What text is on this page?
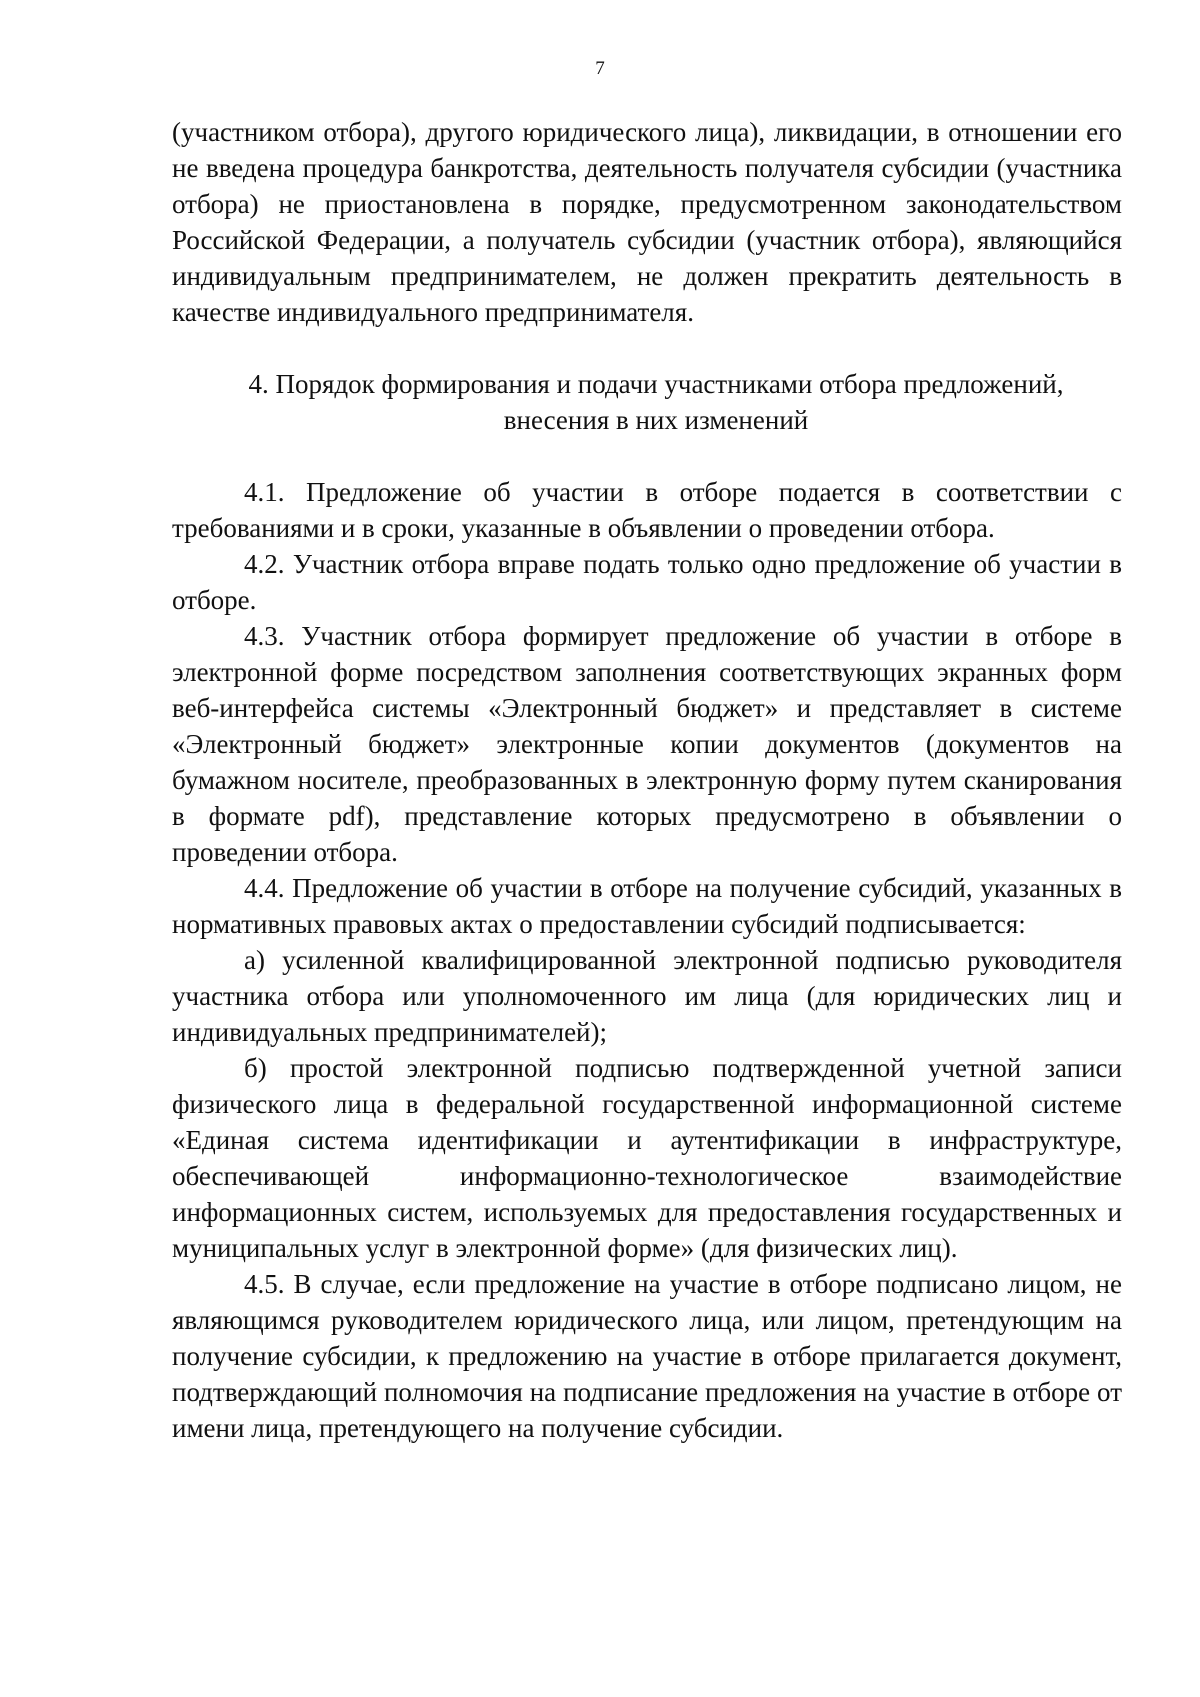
7

(участником отбора), другого юридического лица), ликвидации, в отношении его не введена процедура банкротства, деятельность получателя субсидии (участника отбора) не приостановлена в порядке, предусмотренном законодательством Российской Федерации, а получатель субсидии (участник отбора), являющийся индивидуальным предпринимателем, не должен прекратить деятельность в качестве индивидуального предпринимателя.

4. Порядок формирования и подачи участниками отбора предложений,
внесения в них изменений

4.1. Предложение об участии в отборе подается в соответствии с требованиями и в сроки, указанные в объявлении о проведении отбора.

4.2. Участник отбора вправе подать только одно предложение об участии в отборе.

4.3. Участник отбора формирует предложение об участии в отборе в электронной форме посредством заполнения соответствующих экранных форм веб-интерфейса системы «Электронный бюджет» и представляет в системе «Электронный бюджет» электронные копии документов (документов на бумажном носителе, преобразованных в электронную форму путем сканирования в формате pdf), представление которых предусмотрено в объявлении о проведении отбора.

4.4. Предложение об участии в отборе на получение субсидий, указанных в нормативных правовых актах о предоставлении субсидий подписывается:

а) усиленной квалифицированной электронной подписью руководителя участника отбора или уполномоченного им лица (для юридических лиц и индивидуальных предпринимателей);

б) простой электронной подписью подтвержденной учетной записи физического лица в федеральной государственной информационной системе «Единая система идентификации и аутентификации в инфраструктуре, обеспечивающей информационно-технологическое взаимодействие информационных систем, используемых для предоставления государственных и муниципальных услуг в электронной форме» (для физических лиц).

4.5. В случае, если предложение на участие в отборе подписано лицом, не являющимся руководителем юридического лица, или лицом, претендующим на получение субсидии, к предложению на участие в отборе прилагается документ, подтверждающий полномочия на подписание предложения на участие в отборе от имени лица, претендующего на получение субсидии.
